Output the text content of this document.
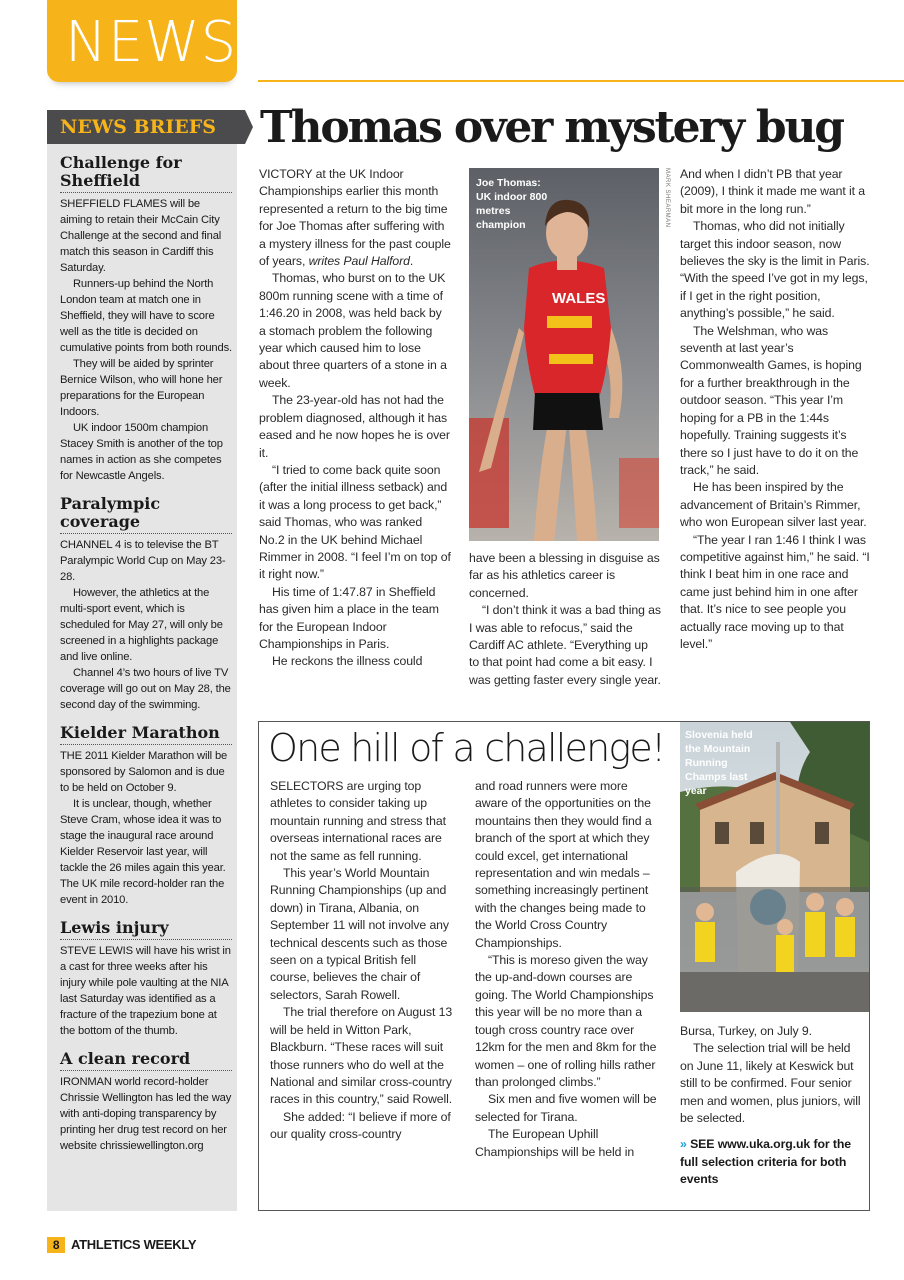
NEWS
NEWS BRIEFS
Challenge for Sheffield

SHEFFIELD FLAMES will be aiming to retain their McCain City Challenge at the second and final match this season in Cardiff this Saturday.

Runners-up behind the North London team at match one in Sheffield, they will have to score well as the title is decided on cumulative points from both rounds.

They will be aided by sprinter Bernice Wilson, who will hone her preparations for the European Indoors.

UK indoor 1500m champion Stacey Smith is another of the top names in action as she competes for Newcastle Angels.

Paralympic coverage

CHANNEL 4 is to televise the BT Paralympic World Cup on May 23-28.

However, the athletics at the multi-sport event, which is scheduled for May 27, will only be screened in a highlights package and live online.

Channel 4’s two hours of live TV coverage will go out on May 28, the second day of the swimming.

Kielder Marathon

THE 2011 Kielder Marathon will be sponsored by Salomon and is due to be held on October 9.

It is unclear, though, whether Steve Cram, whose idea it was to stage the inaugural race around Kielder Reservoir last year, will tackle the 26 miles again this year. The UK mile record-holder ran the event in 2010.

Lewis injury

STEVE LEWIS will have his wrist in a cast for three weeks after his injury while pole vaulting at the NIA last Saturday was identified as a fracture of the trapezium bone at the bottom of the thumb.

A clean record

IRONMAN world record-holder Chrissie Wellington has led the way with anti-doping transparency by printing her drug test record on her website chrissiewellington.org

Thomas over mystery bug

VICTORY at the UK Indoor Championships earlier this month represented a return to the big time for Joe Thomas after suffering with a mystery illness for the past couple of years, writes Paul Halford.

Thomas, who burst on to the UK 800m running scene with a time of 1:46.20 in 2008, was held back by a stomach problem the following year which caused him to lose about three quarters of a stone in a week.

The 23-year-old has not had the problem diagnosed, although it has eased and he now hopes he is over it.

“I tried to come back quite soon (after the initial illness setback) and it was a long process to get back,” said Thomas, who was ranked No.2 in the UK behind Michael Rimmer in 2008. “I feel I’m on top of it right now.”

His time of 1:47.87 in Sheffield has given him a place in the team for the European Indoor Championships in Paris.

He reckons the illness could

WALES
Joe Thomas: UK indoor 800 metres champion	MARK SHEARMAN

have been a blessing in disguise as far as his athletics career is concerned.

“I don’t think it was a bad thing as I was able to refocus,” said the Cardiff AC athlete. “Everything up to that point had come a bit easy. I was getting faster every single year.

And when I didn’t PB that year (2009), I think it made me want it a bit more in the long run.”

Thomas, who did not initially target this indoor season, now believes the sky is the limit in Paris. “With the speed I’ve got in my legs, if I get in the right position, anything’s possible,” he said.

The Welshman, who was seventh at last year’s Commonwealth Games, is hoping for a further breakthrough in the outdoor season. “This year I’m hoping for a PB in the 1:44s hopefully. Training suggests it’s there so I just have to do it on the track,” he said.

He has been inspired by the advancement of Britain’s Rimmer, who won European silver last year.

“The year I ran 1:46 I think I was competitive against him,” he said. “I think I beat him in one race and came just behind him in one after that. It’s nice to see people you actually race moving up to that level.”

One hill of a challenge!

SELECTORS are urging top athletes to consider taking up mountain running and stress that overseas international races are not the same as fell running.

This year’s World Mountain Running Championships (up and down) in Tirana, Albania, on September 11 will not involve any technical descents such as those seen on a typical British fell course, believes the chair of selectors, Sarah Rowell.

The trial therefore on August 13 will be held in Witton Park, Blackburn. “These races will suit those runners who do well at the National and similar cross-country races in this country,” said Rowell.

She added: “I believe if more of our quality cross-country

and road runners were more aware of the opportunities on the mountains then they would find a branch of the sport at which they could excel, get international representation and win medals – something increasingly pertinent with the changes being made to the World Cross Country Championships.

“This is moreso given the way the up-and-down courses are going. The World Championships this year will be no more than a tough cross country race over 12km for the men and 8km for the women – one of rolling hills rather than prolonged climbs.”

Six men and five women will be selected for Tirana.

The European Uphill Championships will be held in

Slovenia held the Mountain Running Champs last year

Bursa, Turkey, on July 9.

The selection trial will be held on June 11, likely at Keswick but still to be confirmed. Four senior men and women, plus juniors, will be selected.

» SEE www.uka.org.uk for the full selection criteria for both events

8 ATHLETICS WEEKLY
